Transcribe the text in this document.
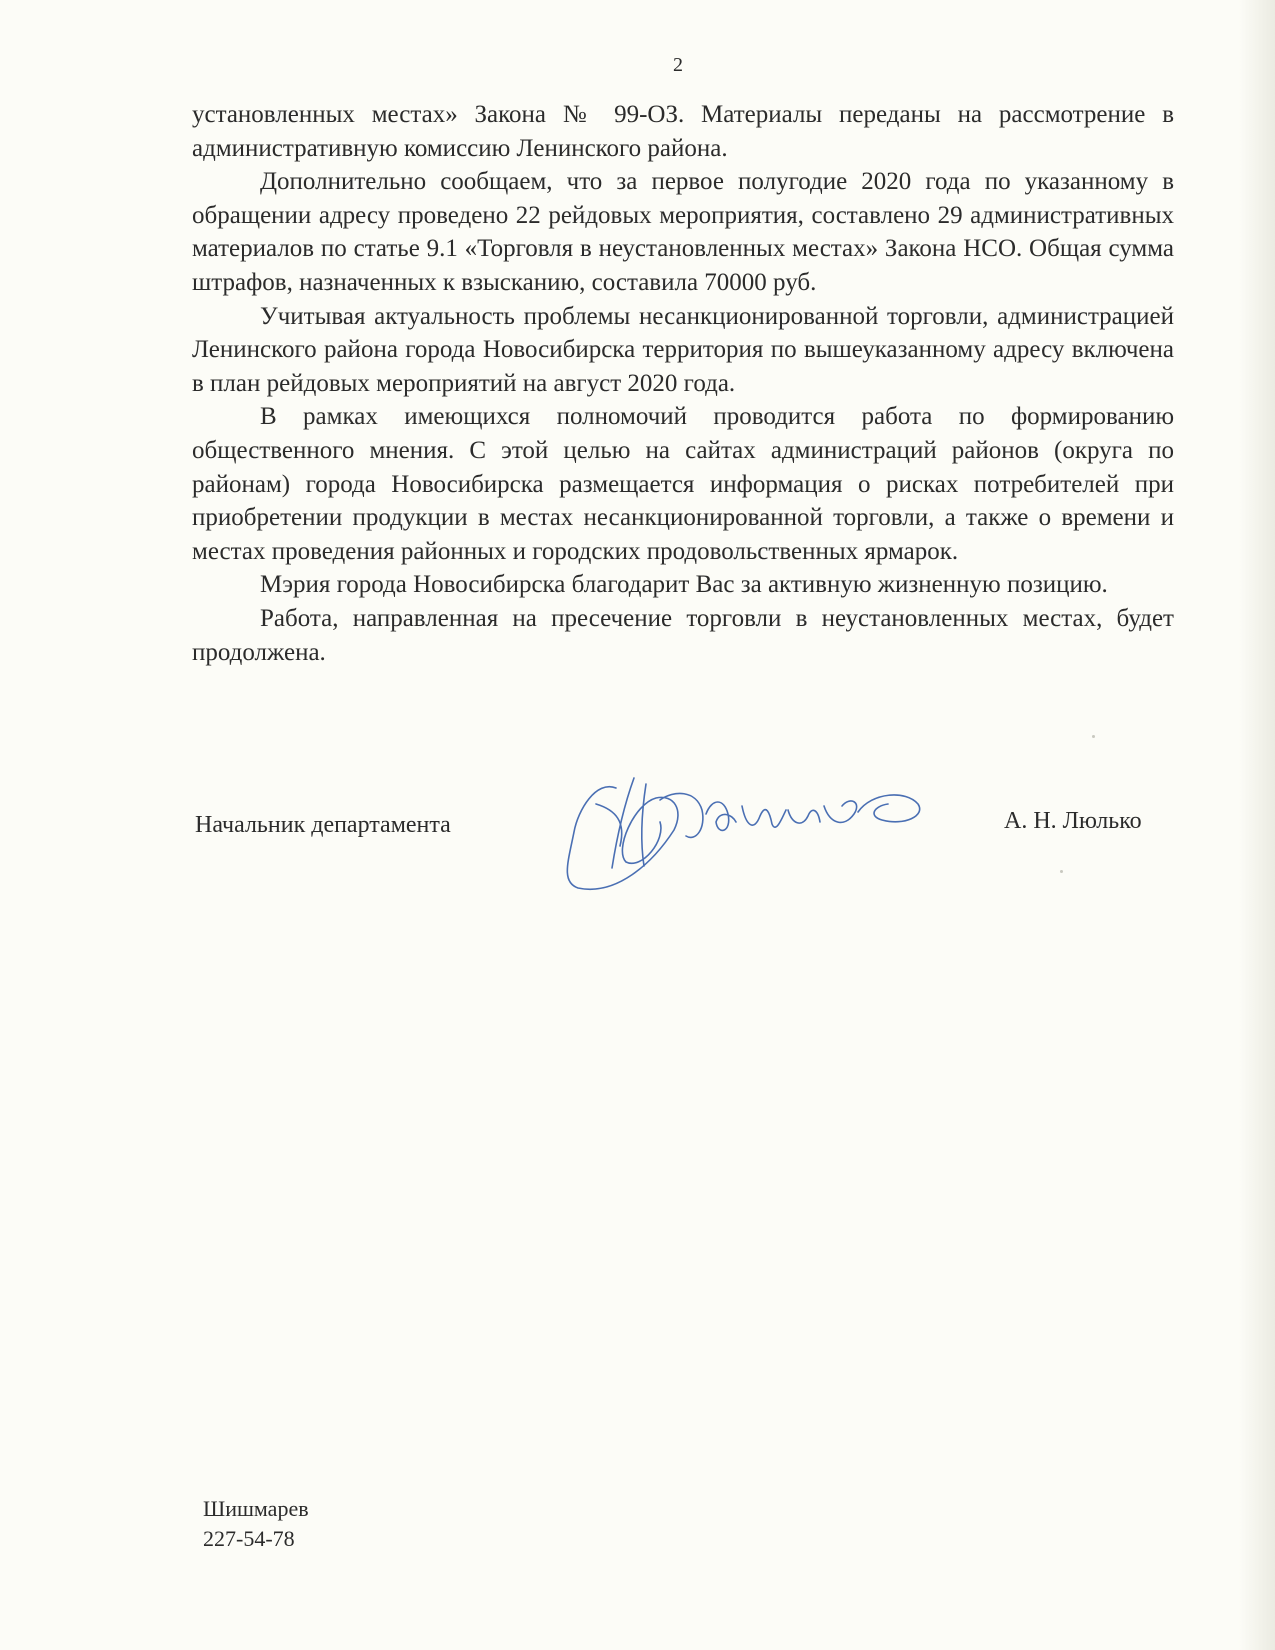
2

установленных местах» Закона № 99-ОЗ. Материалы переданы на рассмотрение в административную комиссию Ленинского района.

Дополнительно сообщаем, что за первое полугодие 2020 года по указанному в обращении адресу проведено 22 рейдовых мероприятия, составлено 29 административных материалов по статье 9.1 «Торговля в неустановленных местах» Закона НСО. Общая сумма штрафов, назначенных к взысканию, составила 70000 руб.

Учитывая актуальность проблемы несанкционированной торговли, администрацией Ленинского района города Новосибирска территория по вышеуказанному адресу включена в план рейдовых мероприятий на август 2020 года.

В рамках имеющихся полномочий проводится работа по формированию общественного мнения. С этой целью на сайтах администраций районов (округа по районам) города Новосибирска размещается информация о рисках потребителей при приобретении продукции в местах несанкционированной торговли, а также о времени и местах проведения районных и городских продовольственных ярмарок.

Мэрия города Новосибирска благодарит Вас за активную жизненную позицию.

Работа, направленная на пресечение торговли в неустановленных местах, будет продолжена.

Начальник департамента	А. Н. Люлько
Шишмарев
227-54-78
